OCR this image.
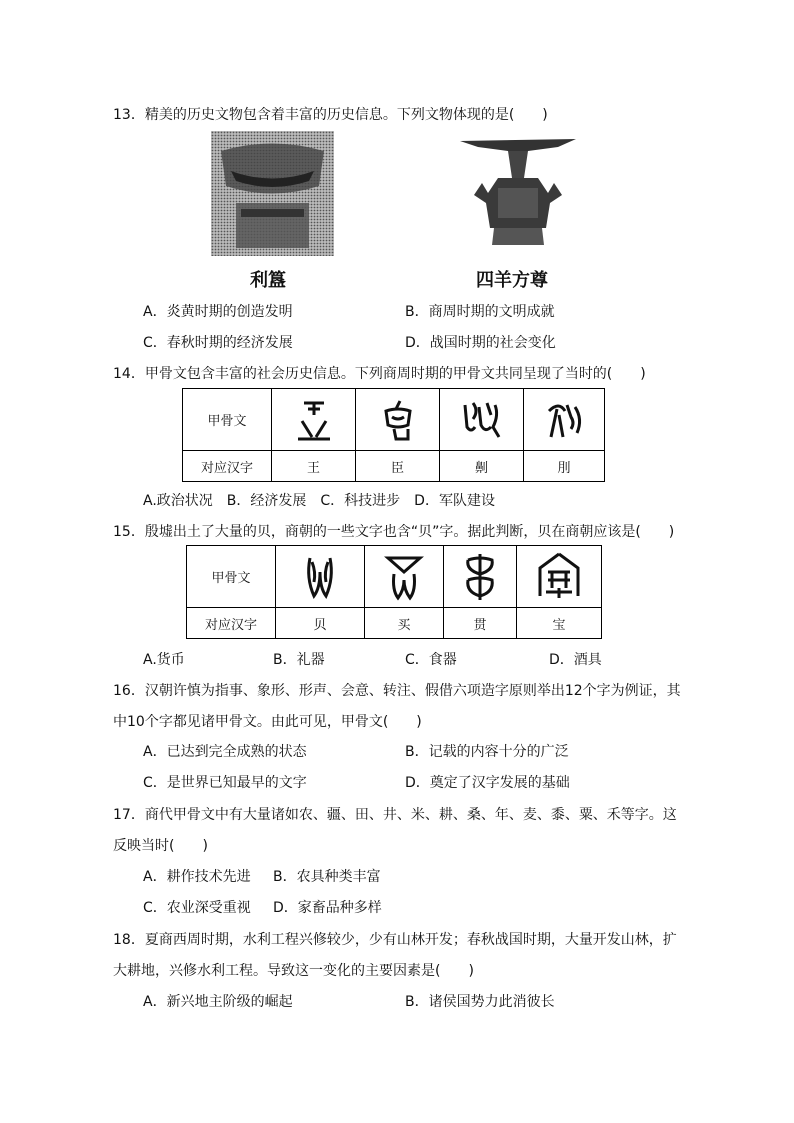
13．精美的历史文物包含着丰富的历史信息。下列文物体现的是(　　)
利簋	四羊方尊
A．炎黄时期的创造发明	B．商周时期的文明成就
C．春秋时期的经济发展	D．战国时期的社会变化
14．甲骨文包含丰富的社会历史信息。下列商周时期的甲骨文共同呈现了当时的(　　)
甲骨文	

对应汉字	王	臣	劓	刖
A.政治状况　B．经济发展　C．科技进步　D．军队建设
15．殷墟出土了大量的贝，商朝的一些文字也含“贝”字。据此判断，贝在商朝应该是(　　)
甲骨文	

对应汉字	贝	买	贯	宝
A.货币	B．礼器	C．食器	D．酒具
16．汉朝许慎为指事、象形、形声、会意、转注、假借六项造字原则举出12个字为例证，其
中10个字都见诸甲骨文。由此可见，甲骨文(　　)
A．已达到完全成熟的状态	B．记载的内容十分的广泛
C．是世界已知最早的文字	D．奠定了汉字发展的基础
17．商代甲骨文中有大量诸如农、疆、田、井、米、耕、桑、年、麦、黍、粟、禾等字。这
反映当时(　　)
A．耕作技术先进 B．农具种类丰富
C．农业深受重视 D．家畜品种多样
18．夏商西周时期，水利工程兴修较少，少有山林开发；春秋战国时期，大量开发山林，扩
大耕地，兴修水利工程。导致这一变化的主要因素是(　　)
A．新兴地主阶级的崛起	B．诸侯国势力此消彼长
